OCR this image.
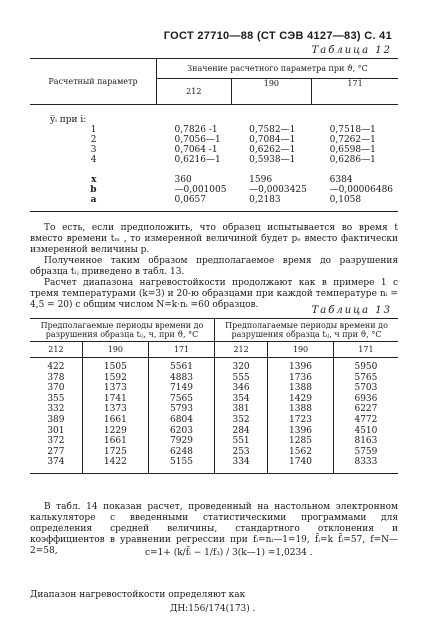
ГОСТ 27710—88 (СТ СЭВ 4127—83) С. 41
Таблица 12
Расчетный параметр	Значение расчетного параметра при ϑ, °C		
	212	190	171
y̅ᵢ при i:			
1	0,7826 -1	0,7582—1	0,7518—1
2	0,7056—1	0,7084—1	0,7262—1
3	0,7064 -1	0,6262—1	0,6598—1
4	0,6216—1	0,5938—1	0,6286—1
x	360	1596	6384
b	—0,001005	—0,0003425	—0,00006486
a	0,0657	0,2183	0,1058

То есть, если предположить, что образец испытывается во время t вместо времени tₘ , то измеренной величиной будет pₑ вместо фактически измеренной величины p.
Полученное таким образом предполагаемое время до разрушения образца tᵢⱼ приведено в табл. 13.
Расчет диапазона нагревостойкости продолжают как в примере 1 с тремя температурами (k=3) и 20-ю образцами при каждой температуре nᵢ = 4,5 = 20) с общим числом N=k·nᵢ =60 образцов.	Таблица 13
Предполагаемые периоды времени до разрушения образца tᵢⱼ, ч, при ϑ, °C			Предполагаемые периоды времени до разрушения образца tᵢⱼ, ч при ϑ, °C		
212	190	171	212	190	171

422	1505	5561	320	1396	5950
378	1592	4883	555	1736	5765
370	1373	7149	346	1388	5703
355	1741	7565	354	1429	6936
332	1373	5793	381	1388	6227
389	1661	6804	352	1723	4772
301	1229	6203	284	1396	4510
372	1661	7929	551	1285	8163
277	1725	6248	253	1562	5759
374	1422	5155	334	1740	8333

В табл. 14 показан расчет, проведенный на настольном электронном калькуляторе с введенными статистическими программами для определения средней величины, стандартного отклонения и коэффициентов в уравнении регрессии при fᵢ=nᵢ—1=19, f̄ᵢ=k f̄ᵢ=57, f=N—2=58,	c=1+ (k/f̄ᵢ − 1/f₃) / 3(k—1) =1,0234 .
Диапазон нагревостойкости определяют как
ДН:156/174(173) .
